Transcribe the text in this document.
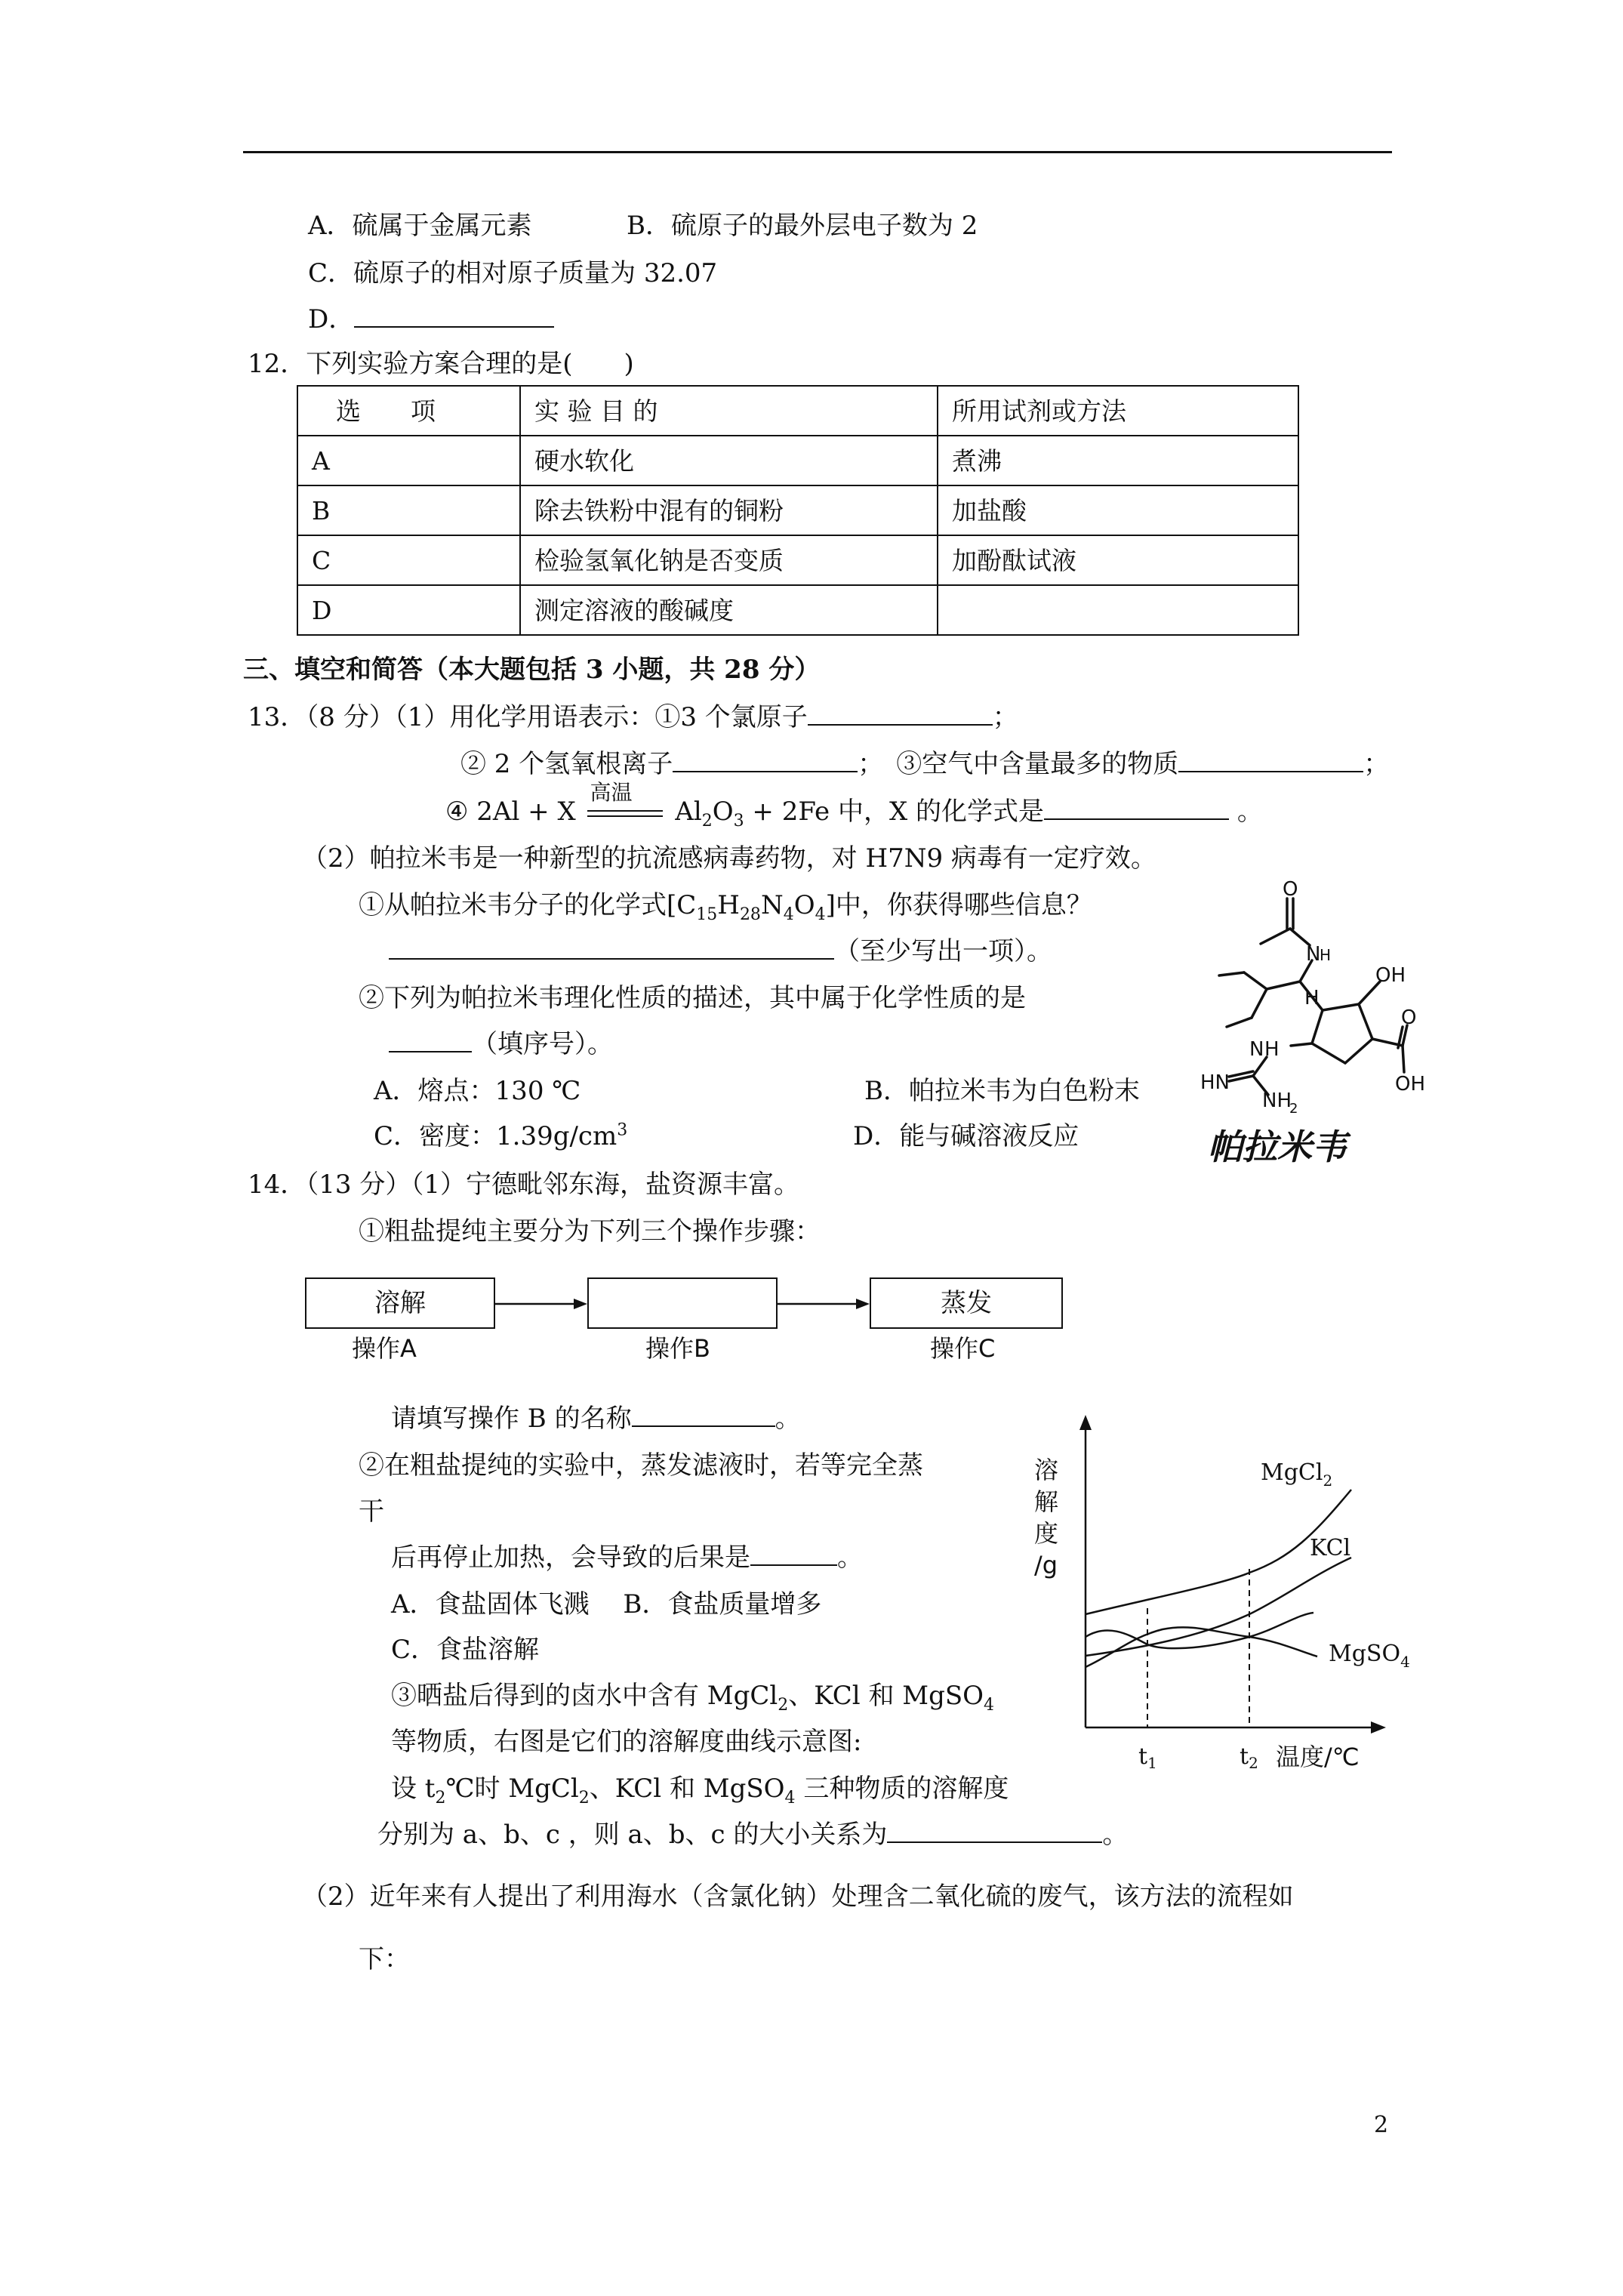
A．硫属于金属元素	B．硫原子的最外层电子数为 2
C．硫原子的相对原子质量为 32.07
D．
12．下列实验方案合理的是(　　)
选　　项	实 验 目 的	所用试剂或方法
A	硬水软化	煮沸
B	除去铁粉中混有的铜粉	加盐酸
C	检验氢氧化钠是否变质	加酚酞试液
D	测定溶液的酸碱度	
三、填空和简答（本大题包括 3 小题，共 28 分）
13．（8 分）（1）用化学用语表示：①3 个氯原子	；
② 2 个氢氧根离子	；　③空气中含量最多的物质	；
④ 2Al + X
高温
$Al_2O_3 + 2Fe$ 中，X 的化学式是	。
（2）帕拉米韦是一种新型的抗流感病毒药物，对 H7N9 病毒有一定疗效。
①从帕拉米韦分子的化学式$[C_{15}H_{28}N_4O_4]$中，你获得哪些信息？
（至少写出一项）。
②下列为帕拉米韦理化性质的描述，其中属于化学性质的是
（填序号）。
A．熔点：130 ℃	B．帕拉米韦为白色粉末
C．密度：$1.39g/cm^3$	D．能与碱溶液反应
O
N
H
H
OH
O
OH
N H
HN
NH
2
帕拉米韦
14．（13 分）（1）宁德毗邻东海，盐资源丰富。
①粗盐提纯主要分为下列三个操作步骤：
溶解	蒸发
操作A	操作B	操作C
请填写操作 B 的名称	。
②在粗盐提纯的实验中，蒸发滤液时，若等完全蒸
干
后再停止加热，会导致的后果是	。
A．食盐固体飞溅　 B．食盐质量增多
C．食盐溶解
③晒盐后得到的卤水中含有 MgCl$_2$、KCl 和 MgSO$_4$
等物质，右图是它们的溶解度曲线示意图:
设 $t_2℃$时 MgCl$_2$、KCl 和 MgSO$_4$ 三种物质的溶解度
分别为 a、b、c ，则 a、b、c 的大小关系为	。
（2）近年来有人提出了利用海水（含氯化钠）处理含二氧化硫的废气，该方法的流程如
下：
溶
解
度
/g
MgCl$_2$
KCl
MgSO$_4$
$t_1$	$t_2$ 温度/℃
2
